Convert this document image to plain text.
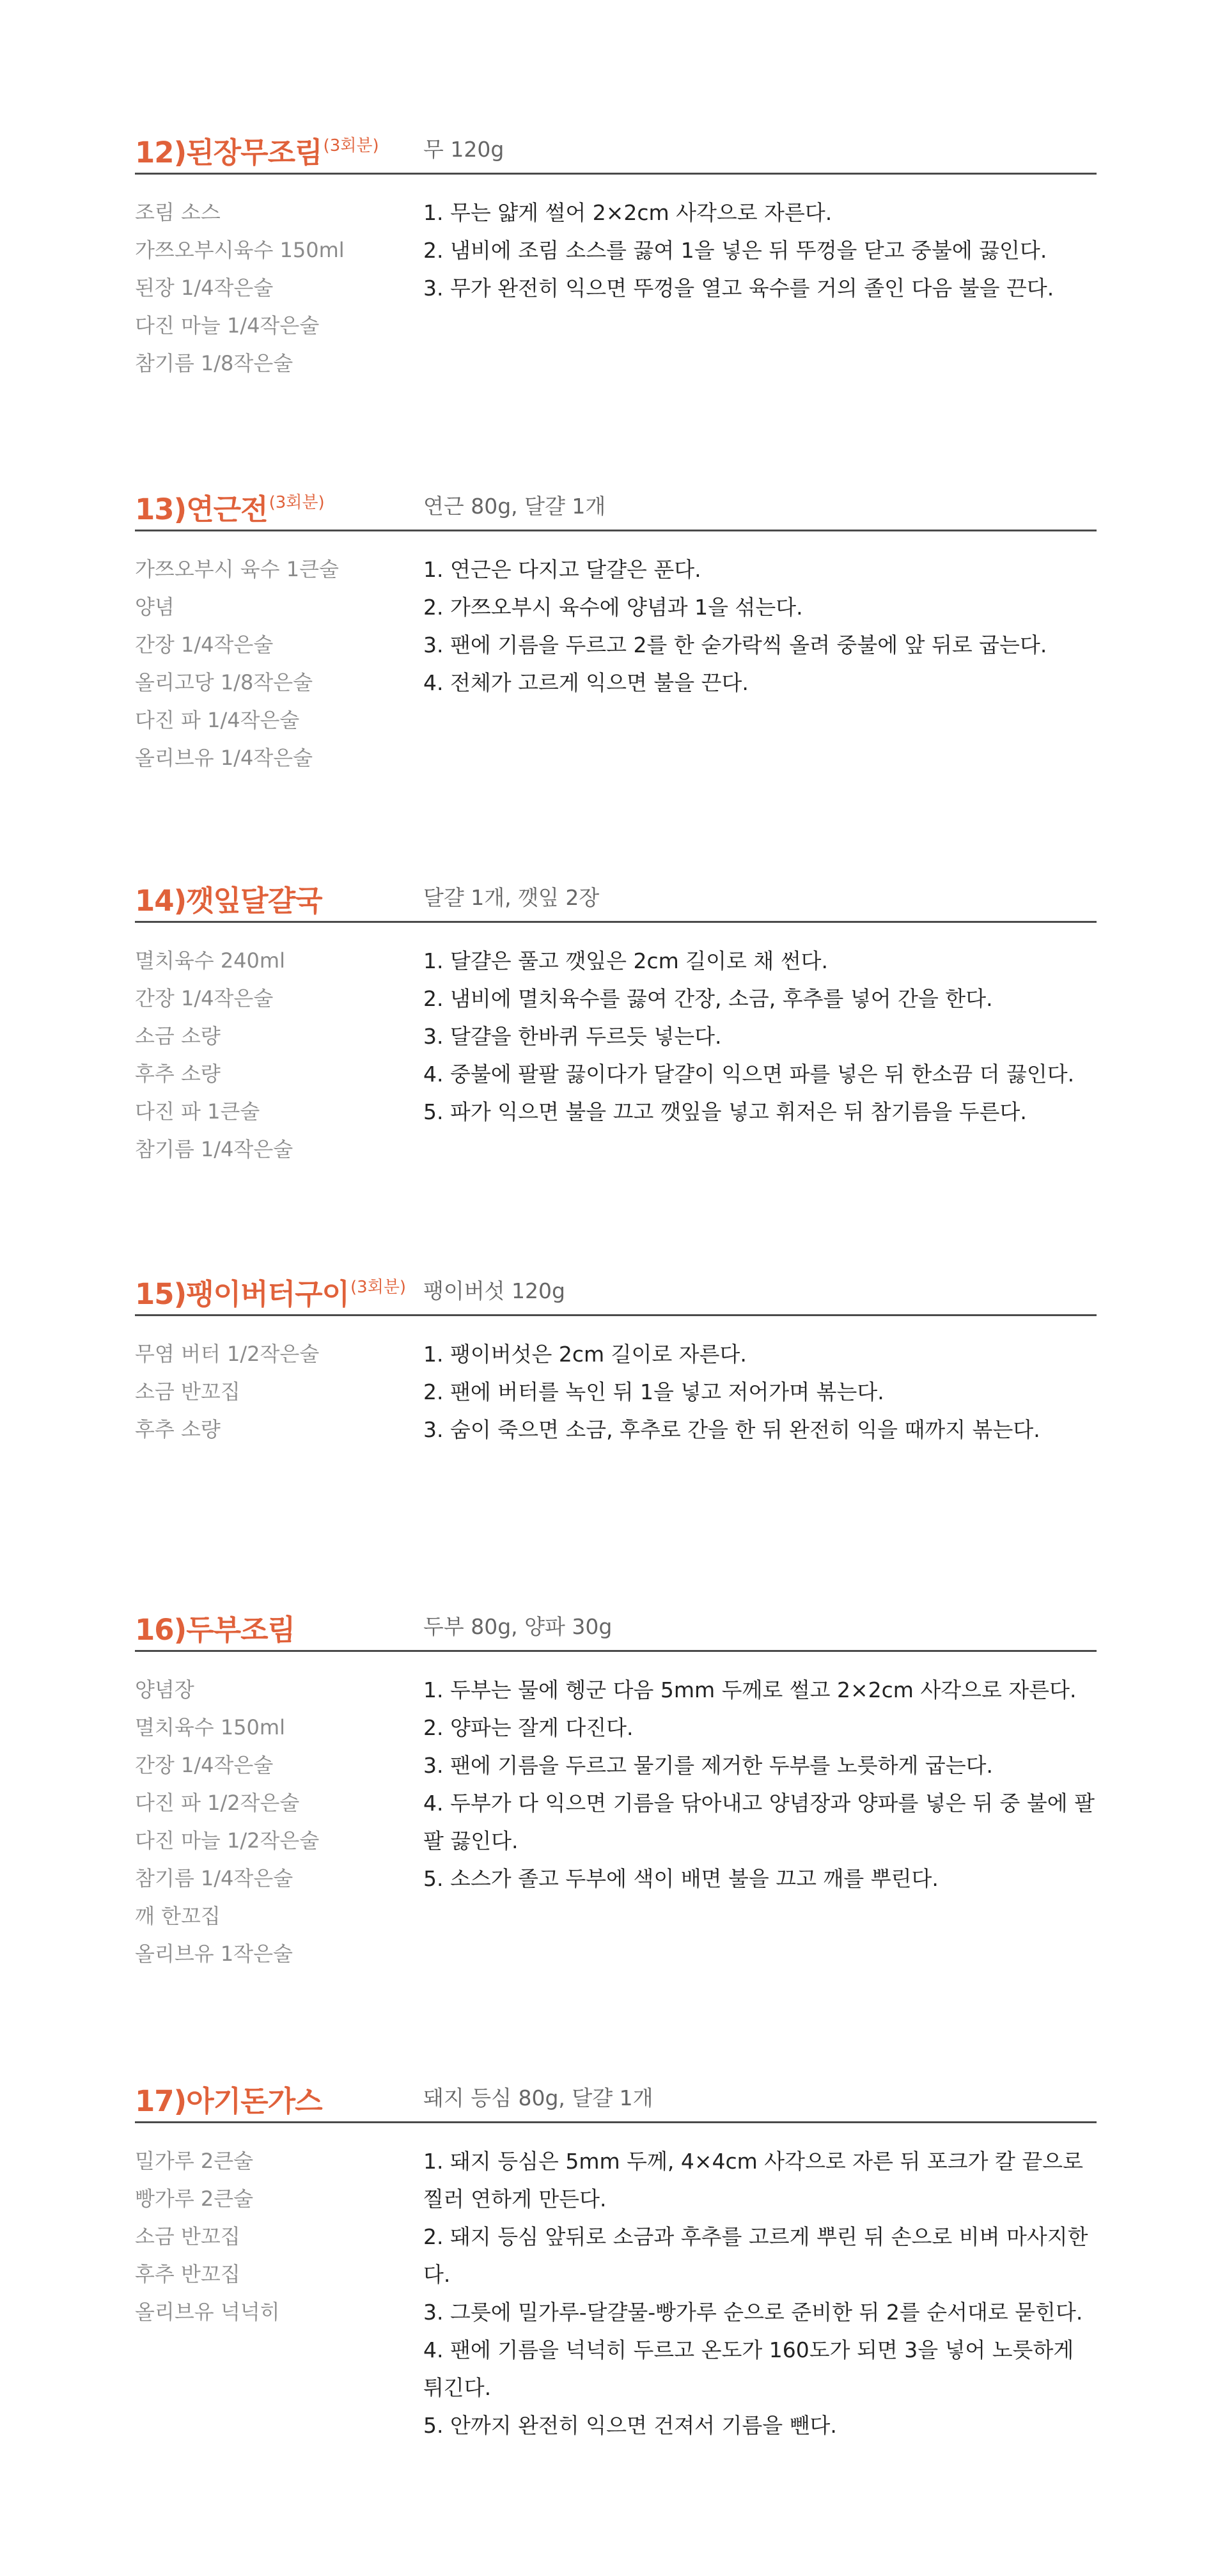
12)된장무조림$^{(3회분)}$ 무 120g
조림 소스
가쯔오부시육수 150ml
된장 1/4작은술
다진 마늘 1/4작은술
참기름 1/8작은술
1. 무는 얇게 썰어 2×2cm 사각으로 자른다.
2. 냄비에 조림 소스를 끓여 1을 넣은 뒤 뚜껑을 닫고 중불에 끓인다.
3. 무가 완전히 익으면 뚜껑을 열고 육수를 거의 졸인 다음 불을 끈다.
13)연근전$^{(3회분)}$	연근 80g, 달걀 1개
가쯔오부시 육수 1큰술
양념
간장 1/4작은술
올리고당 1/8작은술
다진 파 1/4작은술
올리브유 1/4작은술
1. 연근은 다지고 달걀은 푼다.
2. 가쯔오부시 육수에 양념과 1을 섞는다.
3. 팬에 기름을 두르고 2를 한 숟가락씩 올려 중불에 앞 뒤로 굽는다.
4. 전체가 고르게 익으면 불을 끈다.
14)깻잎달걀국	달걀 1개, 깻잎 2장
멸치육수 240ml
간장 1/4작은술
소금 소량
후추 소량
다진 파 1큰술
참기름 1/4작은술
1. 달걀은 풀고 깻잎은 2cm 길이로 채 썬다.
2. 냄비에 멸치육수를 끓여 간장, 소금, 후추를 넣어 간을 한다.
3. 달걀을 한바퀴 두르듯 넣는다.
4. 중불에 팔팔 끓이다가 달걀이 익으면 파를 넣은 뒤 한소끔 더 끓인다.
5. 파가 익으면 불을 끄고 깻잎을 넣고 휘저은 뒤 참기름을 두른다.
15)팽이버터구이$^{(3회분)}$ 팽이버섯 120g
무염 버터 1/2작은술
소금 반꼬집
후추 소량
1. 팽이버섯은 2cm 길이로 자른다.
2. 팬에 버터를 녹인 뒤 1을 넣고 저어가며 볶는다.
3. 숨이 죽으면 소금, 후추로 간을 한 뒤 완전히 익을 때까지 볶는다.
16)두부조림	두부 80g, 양파 30g
양념장
멸치육수 150ml
간장 1/4작은술
다진 파 1/2작은술
다진 마늘 1/2작은술
참기름 1/4작은술
깨 한꼬집
올리브유 1작은술
1. 두부는 물에 헹군 다음 5mm 두께로 썰고 2×2cm 사각으로 자른다.
2. 양파는 잘게 다진다.
3. 팬에 기름을 두르고 물기를 제거한 두부를 노릇하게 굽는다.
4. 두부가 다 익으면 기름을 닦아내고 양념장과 양파를 넣은 뒤 중 불에 팔팔 끓인다.
5. 소스가 졸고 두부에 색이 배면 불을 끄고 깨를 뿌린다.
17)아기돈가스	돼지 등심 80g, 달걀 1개
밀가루 2큰술
빵가루 2큰술
소금 반꼬집
후추 반꼬집
올리브유 넉넉히
1. 돼지 등심은 5mm 두께, 4×4cm 사각으로 자른 뒤 포크가 칼 끝으로 찔러 연하게 만든다.
2. 돼지 등심 앞뒤로 소금과 후추를 고르게 뿌린 뒤 손으로 비벼 마사지한다.
3. 그릇에 밀가루-달걀물-빵가루 순으로 준비한 뒤 2를 순서대로 묻힌다.
4. 팬에 기름을 넉넉히 두르고 온도가 160도가 되면 3을 넣어 노릇하게 튀긴다.
5. 안까지 완전히 익으면 건져서 기름을 뺀다.
